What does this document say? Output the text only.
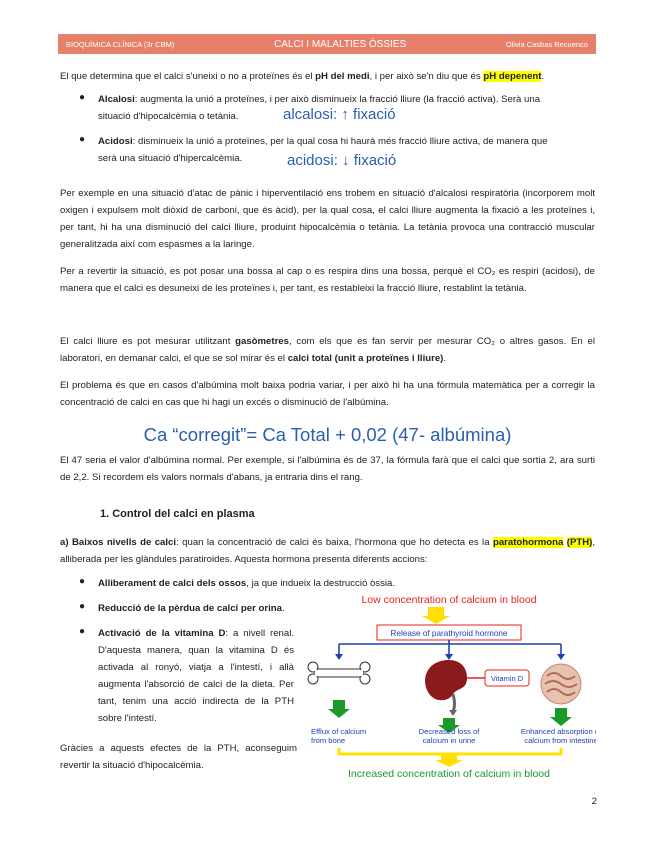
BIOQUÍMICA CLÍNICA (3r CBM)	CALCI I MALALTIES ÒSSIES	Olivia Casbas Recuenco

El que determina que el calci s'uneixi o no a proteïnes és el pH del medi, i per això se'n diu que és pH depenent.

● Alcalosi: augmenta la unió a proteïnes, i per això disminueix la fracció lliure (la fracció activa). Serà una
situació d'hipocalcèmia o tetània.	alcalosi: ↑ fixació
● Acidosi: disminueix la unió a proteïnes, per la qual cosa hi haurà més fracció lliure activa, de manera que
serà una situació d'hipercalcèmia.	acidosi: ↓ fixació

Per exemple en una situació d'atac de pànic i hiperventilació ens trobem en situació d'alcalosi respiratòria (incorporem molt oxigen i expulsem molt diòxid de carboni, que és àcid), per la qual cosa, el calci lliure augmenta la fixació a les proteïnes i, per tant, hi ha una disminució del calci lliure, produint hipocalcèmia o tetània. La tetània provoca una contracció muscular generalitzada així com espasmes a la laringe.

Per a revertir la situació, es pot posar una bossa al cap o es respira dins una bossa, perquè el CO₂ es respiri (acidosi), de manera que el calci es desuneixi de les proteïnes i, per tant, es restableixi la fracció lliure, restablint la tetània.

El calci lliure es pot mesurar utilitzant gasòmetres, com els que es fan servir per mesurar CO₂ o altres gasos. En el laboratori, en demanar calci, el que se sol mirar és el calci total (unit a proteïnes i lliure).

El problema és que en casos d'albúmina molt baixa podria variar, i per això hi ha una fórmula matemàtica per a corregir la concentració de calci en cas que hi hagi un excés o disminució de l'albúmina.

Ca “corregit”= Ca Total + 0,02 (47- albúmina)

El 47 seria el valor d'albúmina normal. Per exemple, si l'albúmina és de 37, la fórmula farà que el calci que sortia 2, ara surti de 2,2. Si recordem els valors normals d'abans, ja entraria dins el rang.

1. Control del calci en plasma

a) Baixos nivells de calci: quan la concentració de calci és baixa, l'hormona que ho detecta es la paratohormona (PTH), alliberada per les glàndules paratiroides. Aquesta hormona presenta diferents accions:

● Alliberament de calci dels ossos, ja que indueix la destrucció òssia.
● Reducció de la pèrdua de calci per orina.
● Activació de la vitamina D: a nivell renal. D'aquesta manera, quan la vitamina D és activada al ronyó, viatja a l'intestí, i allà augmenta l'absorció de calci de la dieta. Per tant, tenim una acció indirecta de la PTH sobre l'intestí.

Gràcies a aquests efectes de la PTH, aconseguim revertir la situació d'hipocalcèmia.

Low concentration of calcium in blood
Release of parathyroid hormone
Vitamin D
Efflux of calcium
from bone
Decreased loss of
calcium in urine
Enhanced absorption of
calcium from intestine
Increased concentration of calcium in blood
2
